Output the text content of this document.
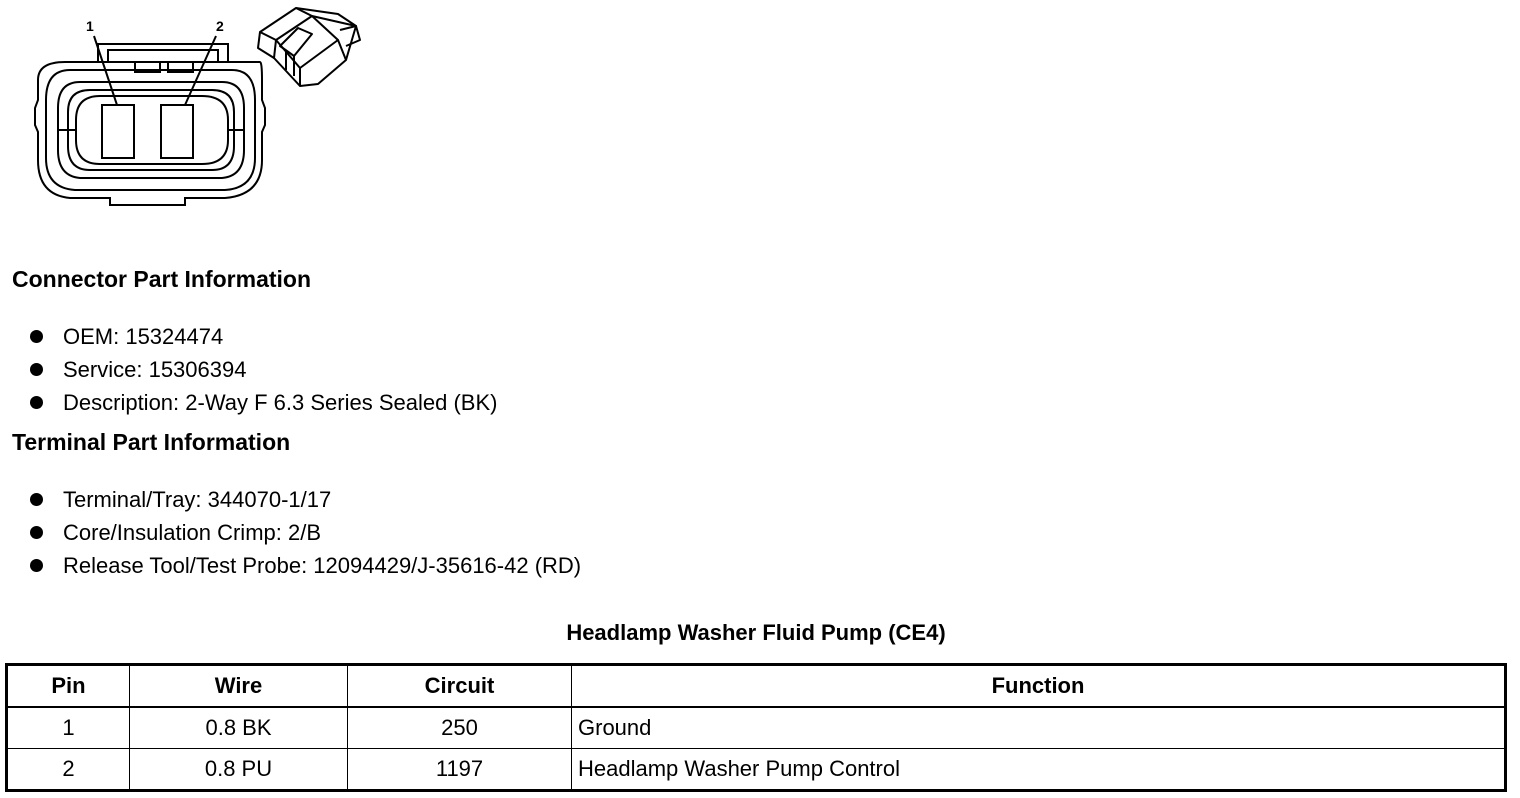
1	2
Connector Part Information
OEM: 15324474
Service: 15306394
Description: 2-Way F 6.3 Series Sealed (BK)
Terminal Part Information
Terminal/Tray: 344070-1/17
Core/Insulation Crimp: 2/B
Release Tool/Test Probe: 12094429/J-35616-42 (RD)
Headlamp Washer Fluid Pump (CE4)
Pin	Wire	Circuit	Function
1	0.8 BK	250	Ground
2	0.8 PU	1197	Headlamp Washer Pump Control
